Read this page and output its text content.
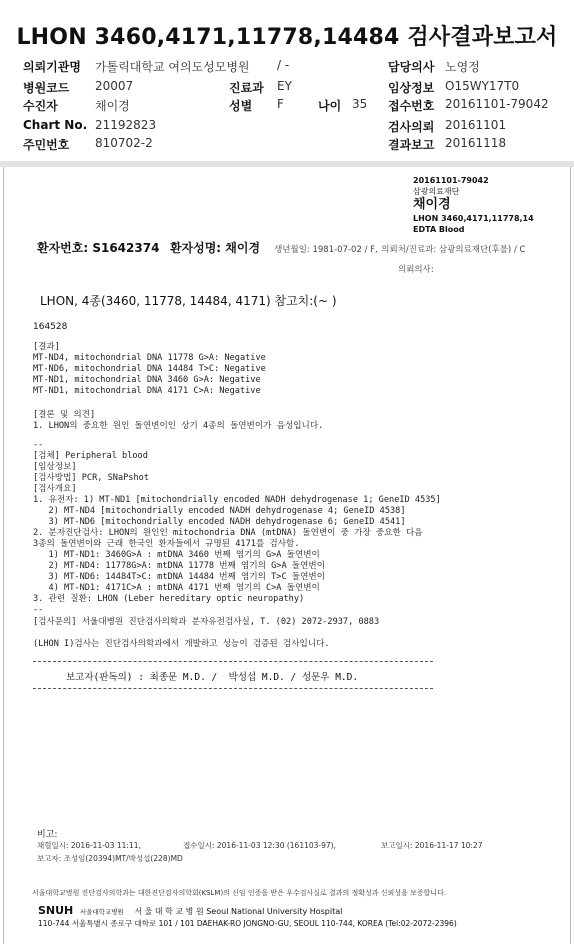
LHON 3460,4171,11778,14484 검사결과보고서
의뢰기관명 가톨릭대학교 여의도성모병원 / -	담당의사 노영정
병원코드 20007	진료과 EY	임상정보 O15WY17T0
수진자	채이경	성별 F	나이 35 접수번호 20161101-79042
Chart No. 21192823	검사의뢰 20161101
주민번호 810702-2	결과보고 20161118
20161101-79042
삼광의료재단
채이경
LHON 3460,4171,11778,14
EDTA Blood
환자번호: S1642374 환자성명: 채이경 생년월일: 1981-07-02 / F, 의뢰처/진료과: 삼광의료재단(후불) / C
의뢰의사:
LHON, 4종(3460, 11778, 14484, 4171) 참고치:(~ )
164528
[결과]
MT-ND4, mitochondrial DNA 11778 G>A: Negative
MT-ND6, mitochondrial DNA 14484 T>C: Negative
MT-ND1, mitochondrial DNA 3460 G>A: Negative
MT-ND1, mitochondrial DNA 4171 C>A: Negative
[결론 및 의견]
1. LHON의 중요한 원인 돌연변이인 상기 4종의 돌연변이가 음성입니다.
--
[검체] Peripheral blood
[임상정보]
[검사방법] PCR, SNaPshot
[검사개요]
1. 유전자: 1) MT-ND1 [mitochondrially encoded NADH dehydrogenase 1; GeneID 4535]
2) MT-ND4 [mitochondrially encoded NADH dehydrogenase 4; GeneID 4538]
3) MT-ND6 [mitochondrially encoded NADH dehydrogenase 6; GeneID 4541]
2. 분자진단검사: LHON의 원인인 mitochondria DNA (mtDNA) 돌연변이 중 가장 중요한 다음
3종의 돌연변이와 근래 한국인 환자들에서 규명된 4171를 검사함.
1) MT-ND1: 3460G>A : mtDNA 3460 번째 염기의 G>A 돌연변이
2) MT-ND4: 11778G>A: mtDNA 11778 번째 염기의 G>A 돌연변이
3) MT-ND6: 14484T>C: mtDNA 14484 번째 염기의 T>C 돌연변이
4) MT-ND1: 4171C>A : mtDNA 4171 번째 염기의 C>A 돌연변이
3. 관련 질환: LHON (Leber hereditary optic neuropathy)
--
[검사문의] 서울대병원 진단검사의학과 분자유전검사실, T. (02) 2072-2937, 0883

(LHON I)검사는 진단검사의학과에서 개발하고 성능이 검증된 검사입니다.
보고자(판독의) : 최종문 M.D. /  박성섭 M.D. / 성문우 M.D.
비고:
채혈일시: 2016-11-03 11:11,	접수일시: 2016-11-03 12:30 (161103-97),	보고일시: 2016-11-17 10:27
보고자: 조성임(20394)MT/박성섭(228)MD
서울대학교병원 진단검사의학과는 대한진단검사의학회(KSLM)의 신임 인증을 받은 우수검사실로 결과의 정확성과 신뢰성을 보증합니다.
SNUH 서울대학교병원 서 울 대 학 교 병 원 Seoul National University Hospital
110-744 서울특별시 종로구 대학로 101 / 101 DAEHAK-RO JONGNO-GU, SEOUL 110-744, KOREA (Tel:02-2072-2396)
